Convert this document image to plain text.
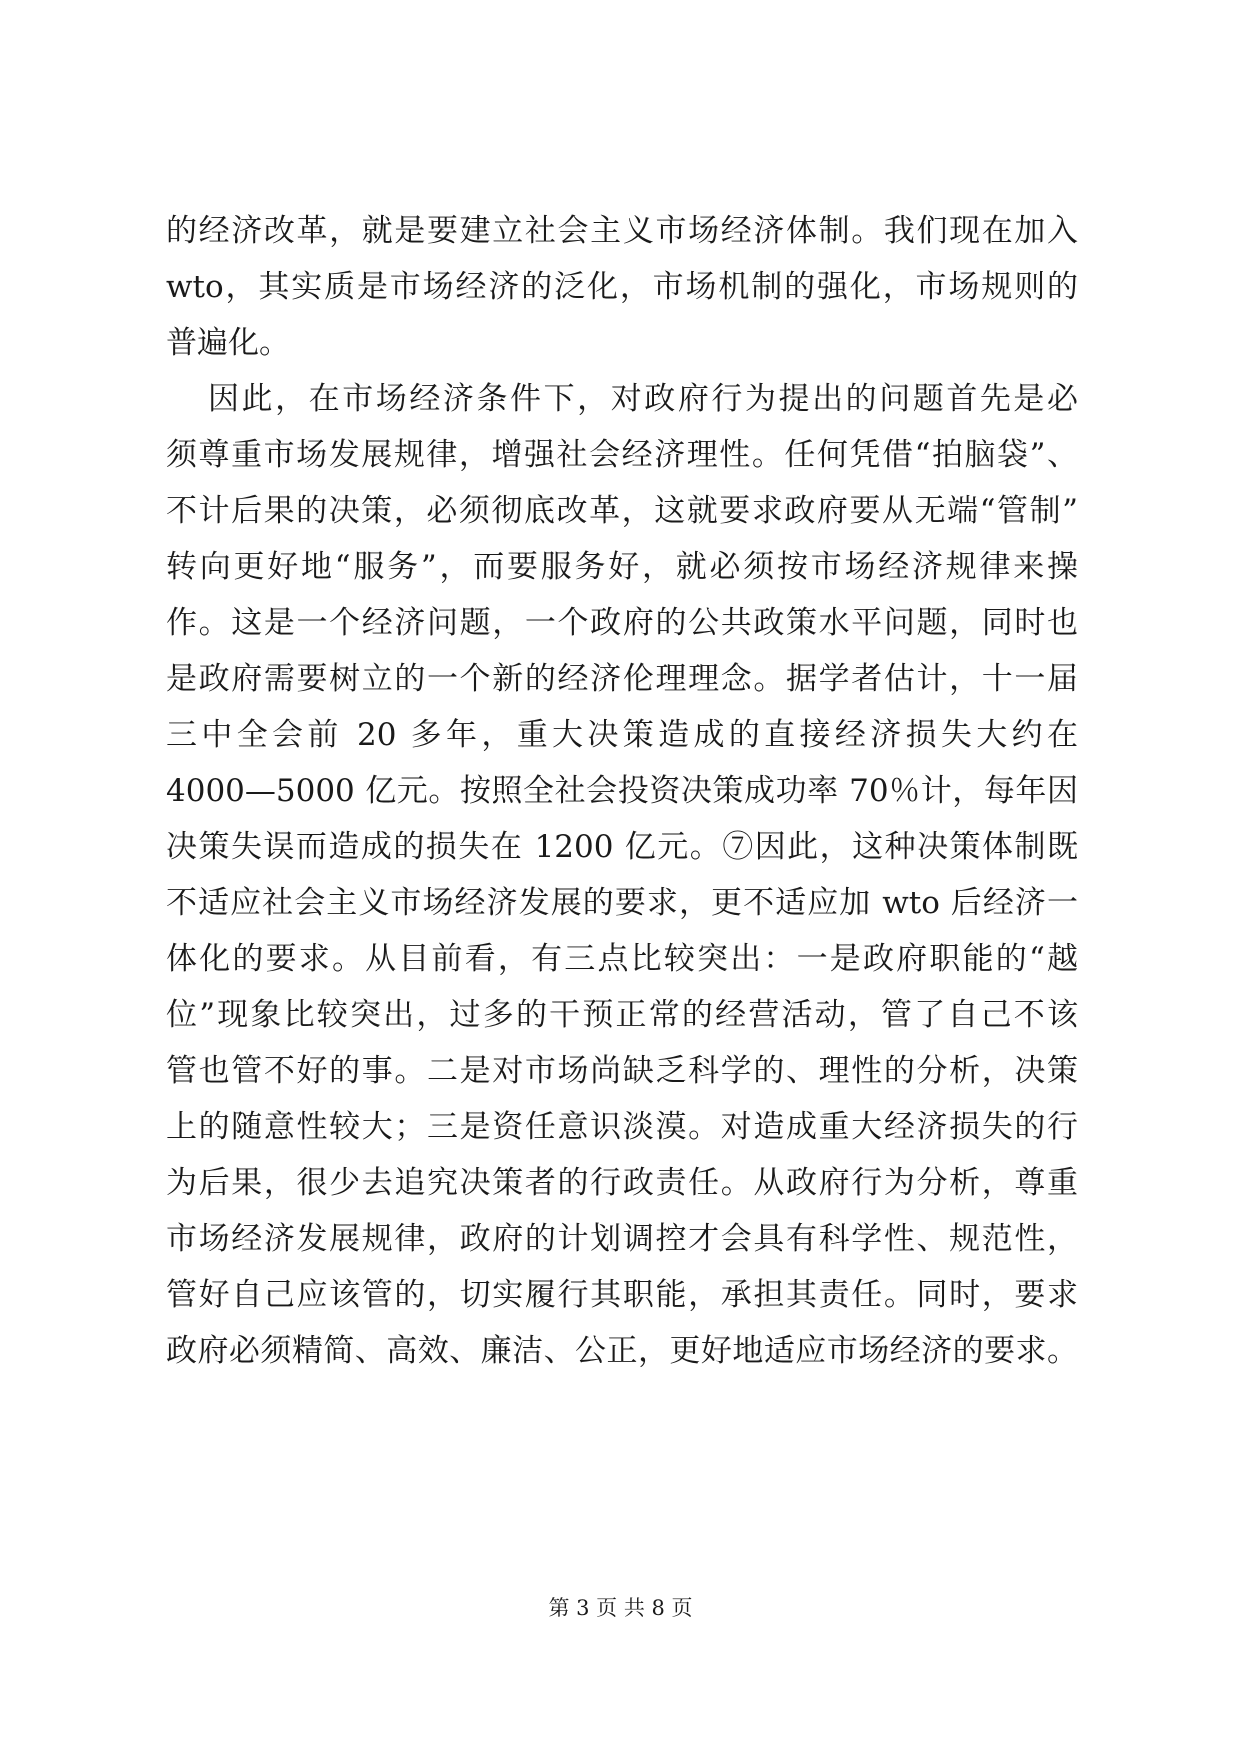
的经济改革，就是要建立社会主义市场经济体制。我们现在加入
wto，其实质是市场经济的泛化，市场机制的强化，市场规则的
普遍化。
因此，在市场经济条件下，对政府行为提出的问题首先是必
须尊重市场发展规律，增强社会经济理性。任何凭借“拍脑袋”、
不计后果的决策，必须彻底改革，这就要求政府要从无端“管制”
转向更好地“服务”，而要服务好，就必须按市场经济规律来操
作。这是一个经济问题，一个政府的公共政策水平问题，同时也
是政府需要树立的一个新的经济伦理理念。据学者估计，十一届
三中全会前 20 多年，重大决策造成的直接经济损失大约在
4000—5000 亿元。按照全社会投资决策成功率 70％计，每年因
决策失误而造成的损失在 1200 亿元。⑦因此，这种决策体制既
不适应社会主义市场经济发展的要求，更不适应加 wto 后经济一
体化的要求。从目前看，有三点比较突出：一是政府职能的“越
位”现象比较突出，过多的干预正常的经营活动，管了自己不该
管也管不好的事。二是对市场尚缺乏科学的、理性的分析，决策
上的随意性较大；三是资任意识淡漠。对造成重大经济损失的行
为后果，很少去追究决策者的行政责任。从政府行为分析，尊重
市场经济发展规律，政府的计划调控才会具有科学性、规范性，
管好自己应该管的，切实履行其职能，承担其责任。同时，要求
政府必须精简、高效、廉洁、公正，更好地适应市场经济的要求。
第 3 页 共 8 页
